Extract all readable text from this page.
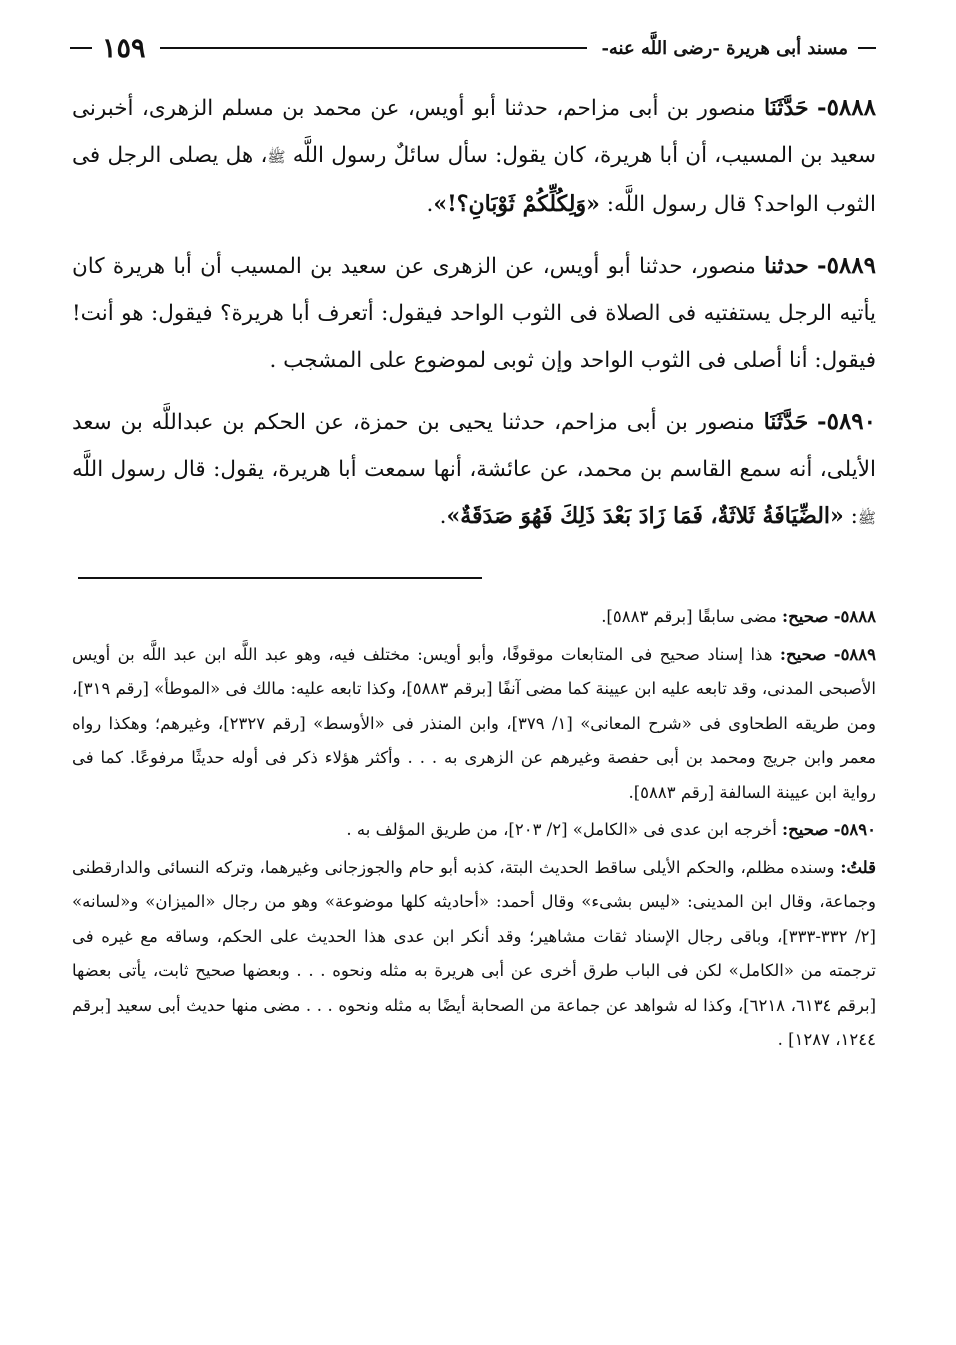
١٥٩	مسند أبى هريرة -رضى اللَّه عنه-

٥٨٨٨- حَدَّثَنَا منصور بن أبى مزاحم، حدثنا أبو أويس، عن محمد بن مسلم الزهرى، أخبرنى سعيد بن المسيب، أن أبا هريرة، كان يقول: سأل سائلٌ رسول اللَّه ﷺ، هل يصلى الرجل فى الثوب الواحد؟ قال رسول اللَّه: «وَلِكُلِّكُمْ ثَوْبَانِ؟!».

٥٨٨٩- حدثنا منصور، حدثنا أبو أويس، عن الزهرى عن سعيد بن المسيب أن أبا هريرة كان يأتيه الرجل يستفتيه فى الصلاة فى الثوب الواحد فيقول: أتعرف أبا هريرة؟ فيقول: هو أنت! فيقول: أنا أصلى فى الثوب الواحد وإن ثوبى لموضوع على المشجب .

٥٨٩٠- حَدَّثَنَا منصور بن أبى مزاحم، حدثنا يحيى بن حمزة، عن الحكم بن عبداللَّه بن سعد الأيلى، أنه سمع القاسم بن محمد، عن عائشة، أنها سمعت أبا هريرة، يقول: قال رسول اللَّه ﷺ: «الضِّيَافَةُ ثَلاثَةٌ، فَمَا زَادَ بَعْدَ ذَلِكَ فَهُوَ صَدَقَةٌ».

٥٨٨٨- صحيح: مضى سابقًا [برقم ٥٨٨٣].

٥٨٨٩- صحيح: هذا إسناد صحيح فى المتابعات موقوفًا، وأبو أويس: مختلف فيه، وهو عبد اللَّه ابن عبد اللَّه بن أويس الأصبحى المدنى، وقد تابعه عليه ابن عيينة كما مضى آنفًا [برقم ٥٨٨٣]، وكذا تابعه عليه: مالك فى «الموطأ» [رقم ٣١٩]، ومن طريقه الطحاوى فى «شرح المعانى» [١/ ٣٧٩]، وابن المنذر فى «الأوسط» [رقم ٢٣٢٧]، وغيرهم؛ وهكذا رواه معمر وابن جريج ومحمد بن أبى حفصة وغيرهم عن الزهرى به . . . وأكثر هؤلاء ذكر فى أوله حديثًا مرفوعًا. كما فى رواية ابن عيينة السالفة [رقم ٥٨٨٣].

٥٨٩٠- صحيح: أخرجه ابن عدى فى «الكامل» [٢/ ٢٠٣]، من طريق المؤلف به .

قلتُ: وسنده مظلم، والحكم الأيلى ساقط الحديث البتة، كذبه أبو حام والجوزجانى وغيرهما، وتركه النسائى والدارقطنى وجماعة، وقال ابن المدينى: «ليس بشىء» وقال أحمد: «أحاديثه كلها موضوعة» وهو من رجال «الميزان» و«لسانه» [٢/ ٣٣٢-٣٣٣]، وباقى رجال الإسناد ثقات مشاهير؛ وقد أنكر ابن عدى هذا الحديث على الحكم، وساقه مع غيره فى ترجمته من «الكامل» لكن فى الباب طرق أخرى عن أبى هريرة به مثله ونحوه . . . وبعضها صحيح ثابت، يأتى بعضها [برقم ٦١٣٤، ٦٢١٨]، وكذا له شواهد عن جماعة من الصحابة أيضًا به مثله ونحوه . . . مضى منها حديث أبى سعيد [برقم ١٢٤٤، ١٢٨٧] .
